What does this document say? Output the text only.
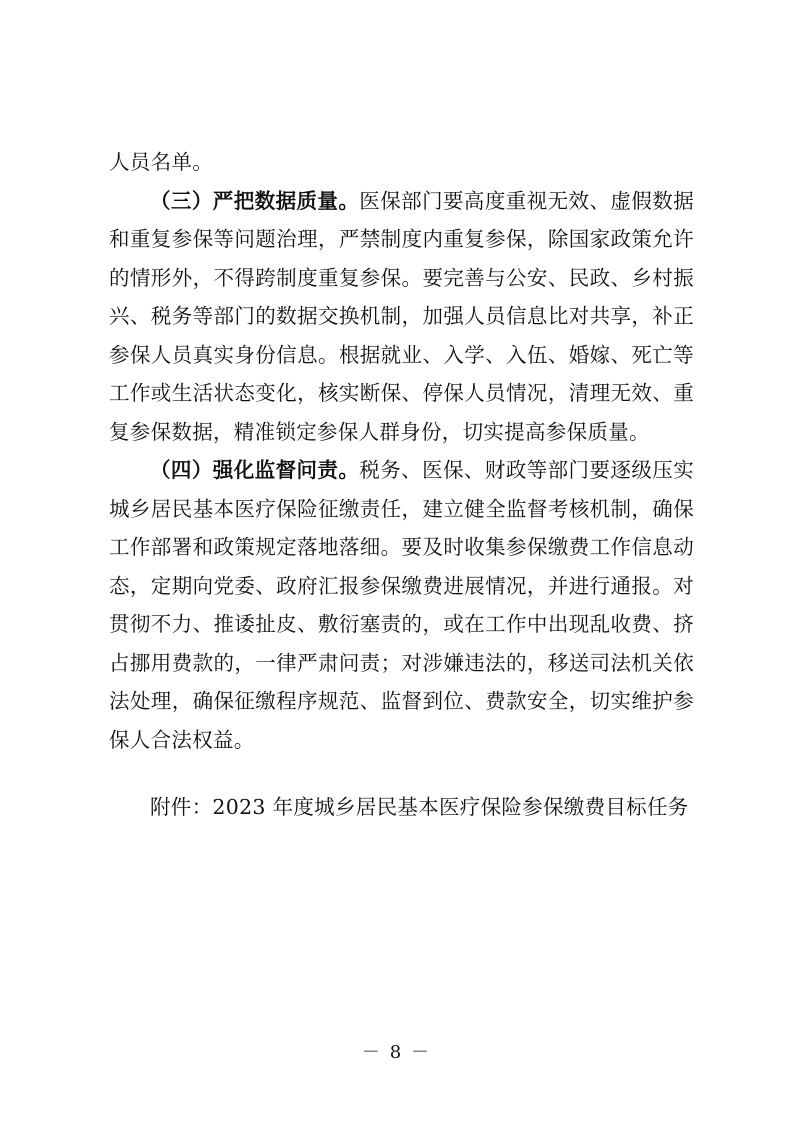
人员名单。

（三）严把数据质量。医保部门要高度重视无效、虚假数据和重复参保等问题治理，严禁制度内重复参保，除国家政策允许的情形外，不得跨制度重复参保。要完善与公安、民政、乡村振兴、税务等部门的数据交换机制，加强人员信息比对共享，补正参保人员真实身份信息。根据就业、入学、入伍、婚嫁、死亡等工作或生活状态变化，核实断保、停保人员情况，清理无效、重复参保数据，精准锁定参保人群身份，切实提高参保质量。

（四）强化监督问责。税务、医保、财政等部门要逐级压实城乡居民基本医疗保险征缴责任，建立健全监督考核机制，确保工作部署和政策规定落地落细。要及时收集参保缴费工作信息动态，定期向党委、政府汇报参保缴费进展情况，并进行通报。对贯彻不力、推诿扯皮、敷衍塞责的，或在工作中出现乱收费、挤占挪用费款的，一律严肃问责；对涉嫌违法的，移送司法机关依法处理，确保征缴程序规范、监督到位、费款安全，切实维护参保人合法权益。

附件：2023 年度城乡居民基本医疗保险参保缴费目标任务
－ 8 －
